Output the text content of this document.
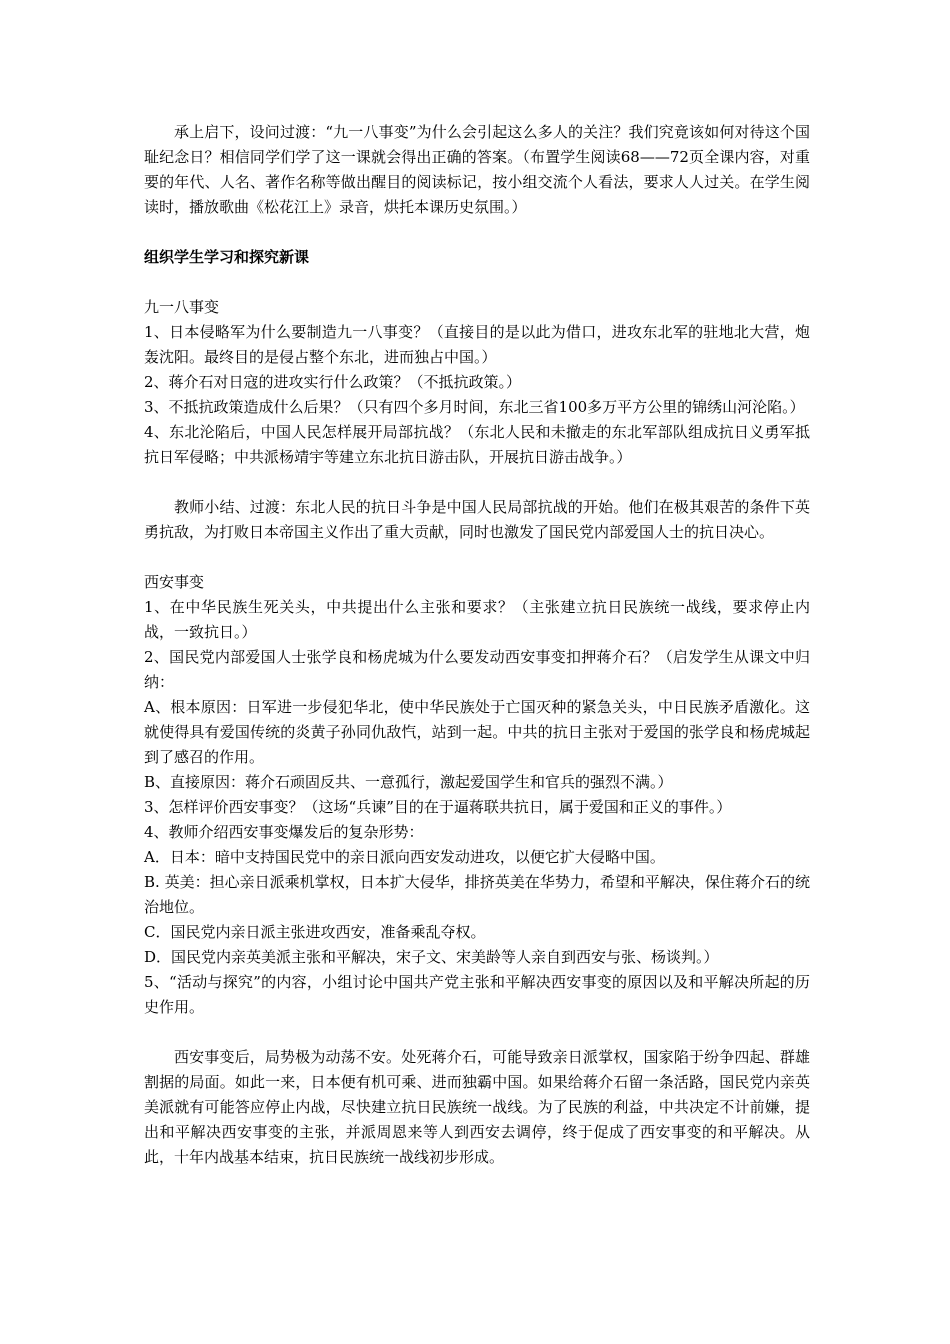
承上启下，设问过渡：“九一八事变”为什么会引起这么多人的关注？我们究竟该如何对待这个国耻纪念日？相信同学们学了这一课就会得出正确的答案。（布置学生阅读68——72页全课内容，对重要的年代、人名、著作名称等做出醒目的阅读标记，按小组交流个人看法，要求人人过关。在学生阅读时，播放歌曲《松花江上》录音，烘托本课历史氛围。）

组织学生学习和探究新课

九一八事变

1、日本侵略军为什么要制造九一八事变？（直接目的是以此为借口，进攻东北军的驻地北大营，炮轰沈阳。最终目的是侵占整个东北，进而独占中国。）

2、蒋介石对日寇的进攻实行什么政策？（不抵抗政策。）

3、不抵抗政策造成什么后果？（只有四个多月时间，东北三省100多万平方公里的锦绣山河沦陷。）

4、东北沦陷后，中国人民怎样展开局部抗战？（东北人民和未撤走的东北军部队组成抗日义勇军抵抗日军侵略；中共派杨靖宇等建立东北抗日游击队，开展抗日游击战争。）

教师小结、过渡：东北人民的抗日斗争是中国人民局部抗战的开始。他们在极其艰苦的条件下英勇抗敌，为打败日本帝国主义作出了重大贡献，同时也激发了国民党内部爱国人士的抗日决心。

西安事变

1、在中华民族生死关头，中共提出什么主张和要求？（主张建立抗日民族统一战线，要求停止内战，一致抗日。）

2、国民党内部爱国人士张学良和杨虎城为什么要发动西安事变扣押蒋介石？（启发学生从课文中归纳：

A、根本原因：日军进一步侵犯华北，使中华民族处于亡国灭种的紧急关头，中日民族矛盾激化。这就使得具有爱国传统的炎黄子孙同仇敌忾，站到一起。中共的抗日主张对于爱国的张学良和杨虎城起到了感召的作用。

B、直接原因：蒋介石顽固反共、一意孤行，激起爱国学生和官兵的强烈不满。）

3、怎样评价西安事变？（这场“兵谏”目的在于逼蒋联共抗日，属于爱国和正义的事件。）

4、教师介绍西安事变爆发后的复杂形势：

A．日本：暗中支持国民党中的亲日派向西安发动进攻，以便它扩大侵略中国。

B. 英美：担心亲日派乘机掌权，日本扩大侵华，排挤英美在华势力，希望和平解决，保住蒋介石的统治地位。

C．国民党内亲日派主张进攻西安，准备乘乱夺权。

D．国民党内亲英美派主张和平解决，宋子文、宋美龄等人亲自到西安与张、杨谈判。）

5、“活动与探究”的内容，小组讨论中国共产党主张和平解决西安事变的原因以及和平解决所起的历史作用。

西安事变后，局势极为动荡不安。处死蒋介石，可能导致亲日派掌权，国家陷于纷争四起、群雄割据的局面。如此一来，日本便有机可乘、进而独霸中国。如果给蒋介石留一条活路，国民党内亲英美派就有可能答应停止内战，尽快建立抗日民族统一战线。为了民族的利益，中共决定不计前嫌，提出和平解决西安事变的主张，并派周恩来等人到西安去调停，终于促成了西安事变的和平解决。从此，十年内战基本结束，抗日民族统一战线初步形成。
